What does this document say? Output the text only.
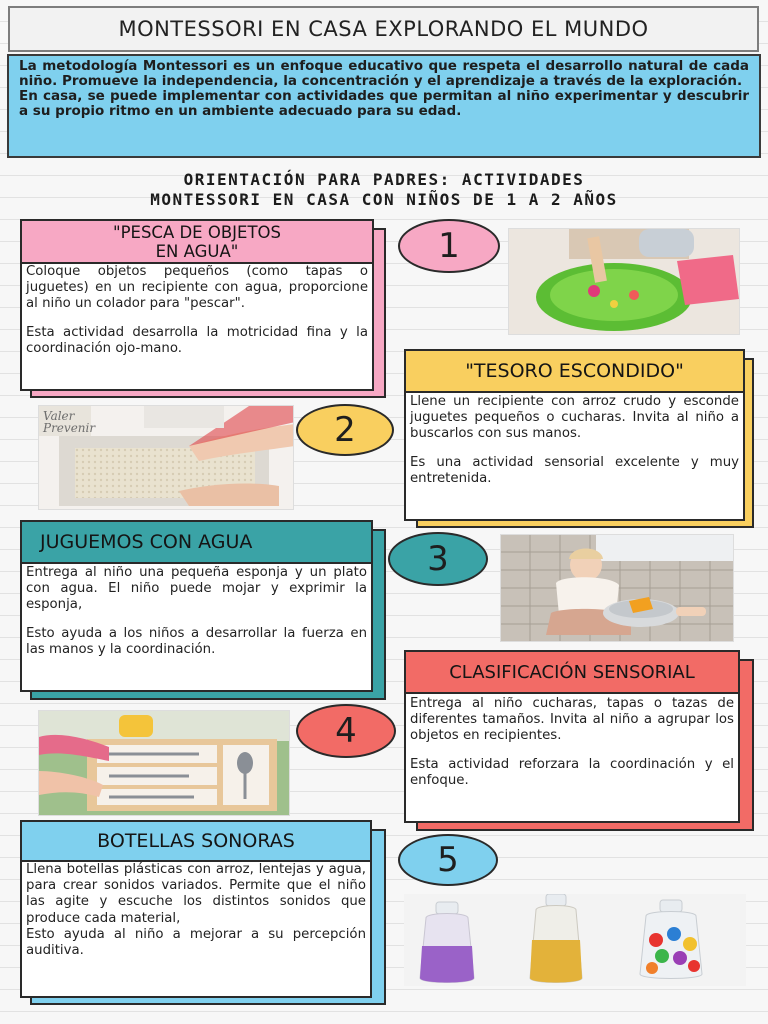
MONTESSORI EN CASA EXPLORANDO EL MUNDO

La metodología Montessori es un enfoque educativo que respeta el desarrollo natural de cada niño. Promueve la independencia, la concentración y el aprendizaje a través de la exploración.

En casa, se puede implementar con actividades que permitan al niño experimentar y descubrir a su propio ritmo en un ambiente adecuado para su edad.

ORIENTACIÓN PARA PADRES: ACTIVIDADES
MONTESSORI EN CASA CON NIÑOS DE 1 A 2 AÑOS
"PESCA DE OBJETOS
EN AGUA"

Coloque objetos pequeños (como tapas o juguetes) en un recipiente con agua, proporcione al niño un colador para "pescar".

Esta actividad desarrolla la motricidad fina y la coordinación ojo-mano.

1
"TESORO ESCONDIDO"

Llene un recipiente con arroz crudo y esconde juguetes pequeños o cucharas. Invita al niño a buscarlos con sus manos.

Es una actividad sensorial excelente y muy entretenida.

2
Valer
Prevenir
JUGUEMOS CON AGUA

Entrega al niño una pequeña esponja y un plato con agua. El niño puede mojar y exprimir la esponja,

Esto ayuda a los niños a desarrollar la fuerza en las manos y la coordinación.

3
CLASIFICACIÓN SENSORIAL

Entrega al niño cucharas, tapas o tazas de diferentes tamaños. Invita al niño a agrupar los objetos en recipientes.

Esta actividad reforzara la coordinación y el enfoque.

4
BOTELLAS SONORAS

Llena botellas plásticas con arroz, lentejas y agua, para crear sonidos variados. Permite que el niño las agite y escuche los distintos sonidos que produce cada material,

Esto ayuda al niño a mejorar a su percepción auditiva.

5
